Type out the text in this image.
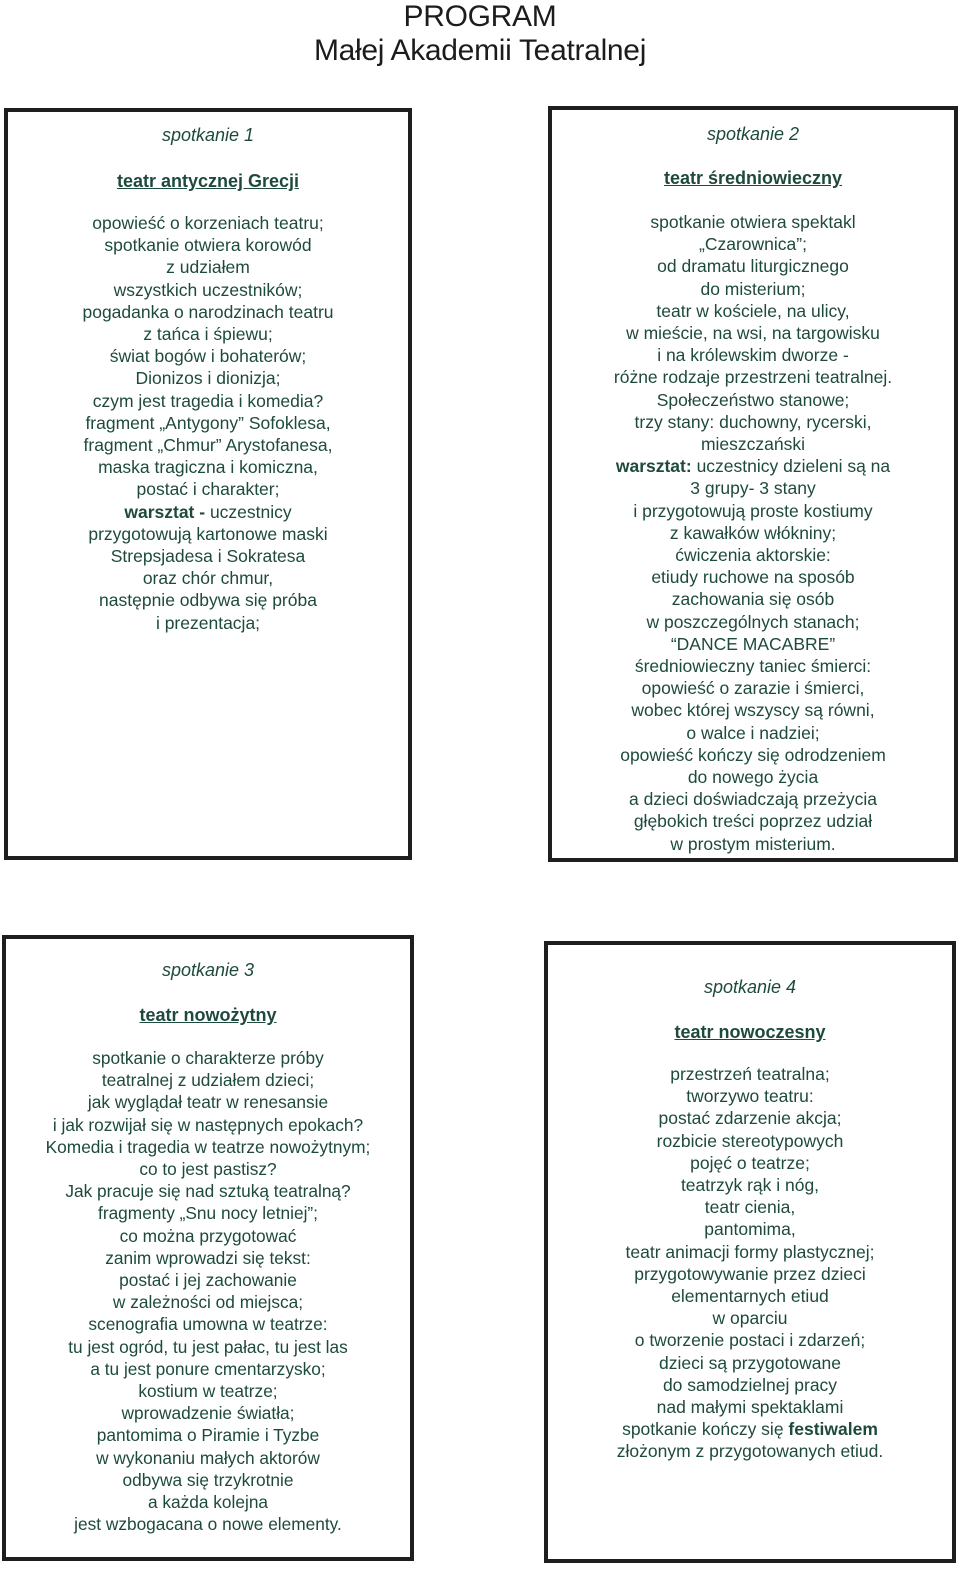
PROGRAM
Małej Akademii Teatralnej
spotkanie 1
teatr antycznej Grecji
opowieść o korzeniach teatru;
spotkanie otwiera korowód
z udziałem
wszystkich uczestników;
pogadanka o narodzinach teatru
z tańca i śpiewu;
świat bogów i bohaterów;
Dionizos i dionizja;
czym jest tragedia i komedia?
fragment „Antygony” Sofoklesa,
fragment „Chmur” Arystofanesa,
maska tragiczna i komiczna,
postać i charakter;
warsztat - uczestnicy
przygotowują kartonowe maski
Strepsjadesa i Sokratesa
oraz chór chmur,
następnie odbywa się próba
i prezentacja;
spotkanie 2
teatr średniowieczny
spotkanie otwiera spektakl
„Czarownica”;
od dramatu liturgicznego
do misterium;
teatr w kościele, na ulicy,
w mieście, na wsi, na targowisku
i na królewskim dworze -
różne rodzaje przestrzeni teatralnej.
Społeczeństwo stanowe;
trzy stany: duchowny, rycerski,
mieszczański
warsztat: uczestnicy dzieleni są na
3 grupy- 3 stany
i przygotowują proste kostiumy
z kawałków włókniny;
ćwiczenia aktorskie:
etiudy ruchowe na sposób
zachowania się osób
w poszczególnych stanach;
“DANCE MACABRE”
średniowieczny taniec śmierci:
opowieść o zarazie i śmierci,
wobec której wszyscy są równi,
o walce i nadziei;
opowieść kończy się odrodzeniem
do nowego życia
a dzieci doświadczają przeżycia
głębokich treści poprzez udział
w prostym misterium.
spotkanie 3
teatr nowożytny
spotkanie o charakterze próby
teatralnej z udziałem dzieci;
jak wyglądał teatr w renesansie
i jak rozwijał się w następnych epokach?
Komedia i tragedia w teatrze nowożytnym;
co to jest pastisz?
Jak pracuje się nad sztuką teatralną?
fragmenty „Snu nocy letniej”;
co można przygotować
zanim wprowadzi się tekst:
postać i jej zachowanie
w zależności od miejsca;
scenografia umowna w teatrze:
tu jest ogród, tu jest pałac, tu jest las
a tu jest ponure cmentarzysko;
kostium w teatrze;
wprowadzenie światła;
pantomima o Piramie i Tyzbe
w wykonaniu małych aktorów
odbywa się trzykrotnie
a każda kolejna
jest wzbogacana o nowe elementy.
spotkanie 4
teatr nowoczesny
przestrzeń teatralna;
tworzywo teatru:
postać zdarzenie akcja;
rozbicie stereotypowych
pojęć o teatrze;
teatrzyk rąk i nóg,
teatr cienia,
pantomima,
teatr animacji formy plastycznej;
przygotowywanie przez dzieci
elementarnych etiud
w oparciu
o tworzenie postaci i zdarzeń;
dzieci są przygotowane
do samodzielnej pracy
nad małymi spektaklami
spotkanie kończy się festiwalem
złożonym z przygotowanych etiud.
